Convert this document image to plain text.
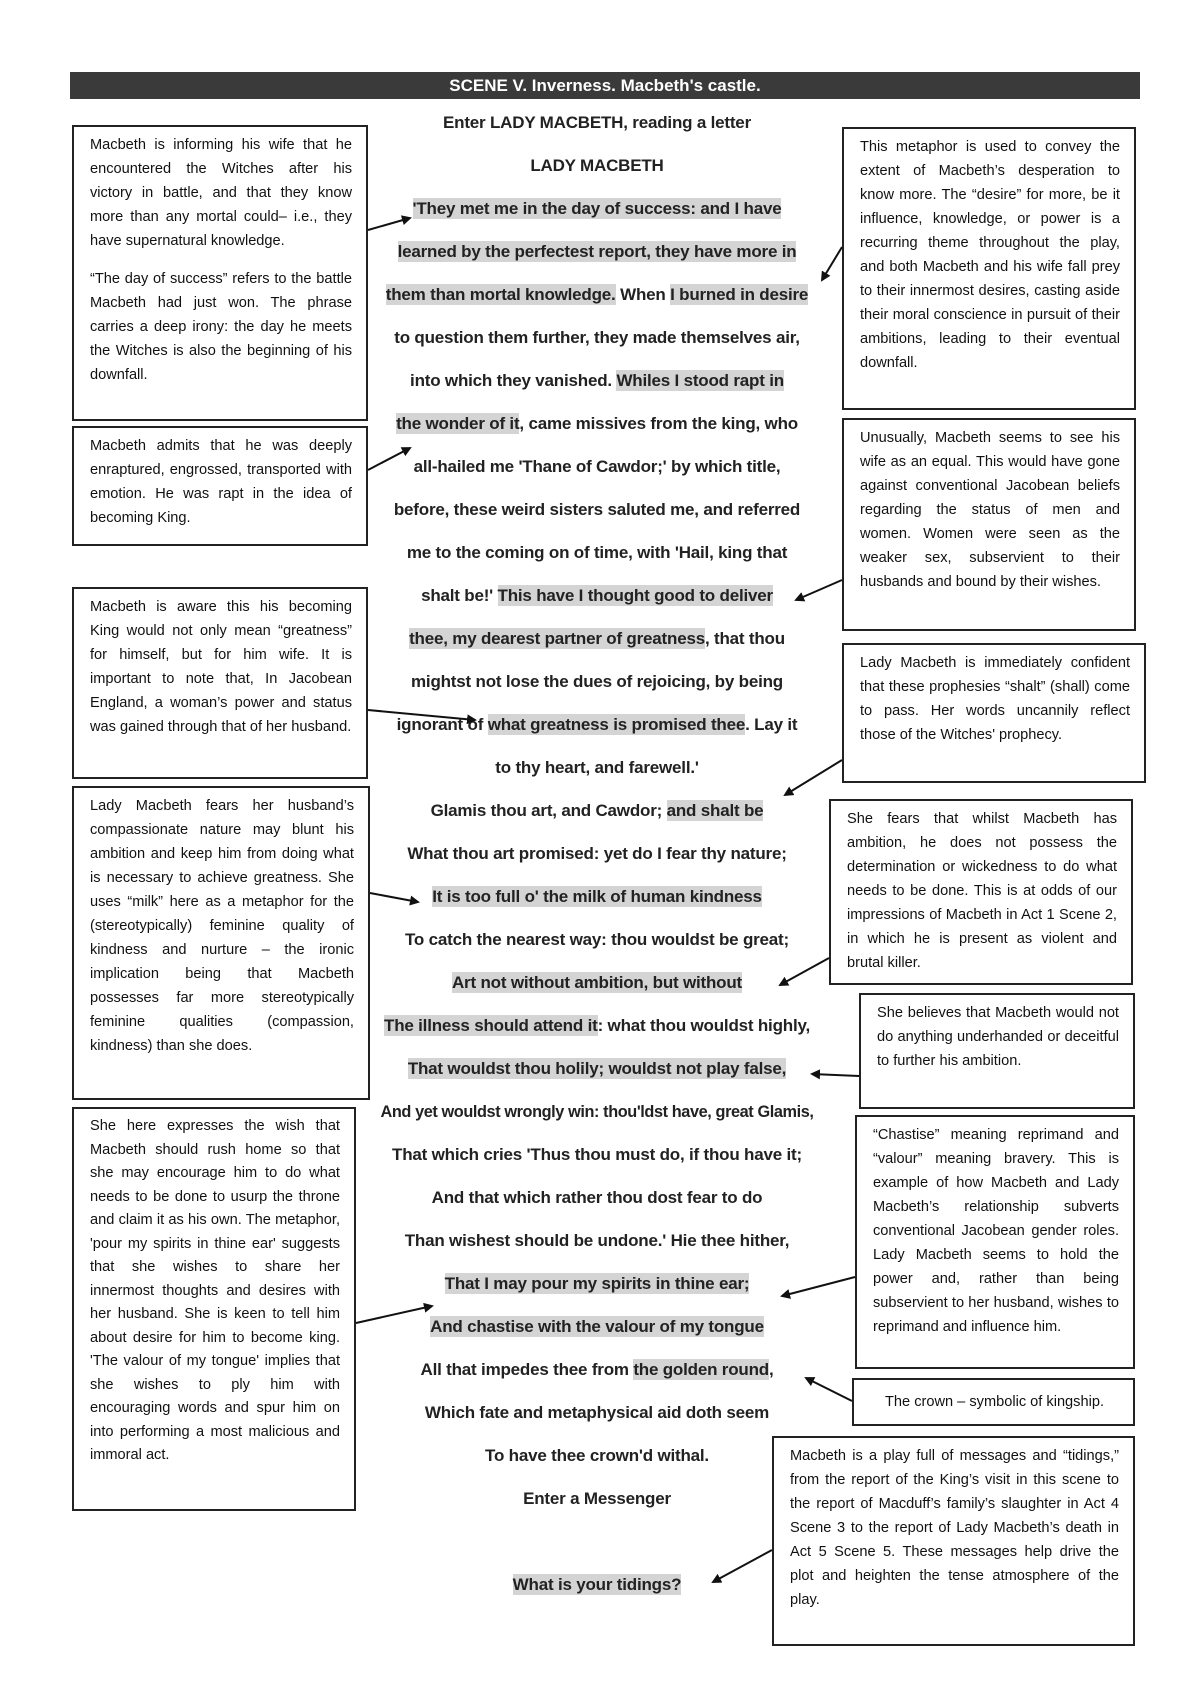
SCENE V. Inverness. Macbeth's castle.
Enter LADY MACBETH, reading a letter
LADY MACBETH
'They met me in the day of success: and I have
learned by the perfectest report, they have more in
them than mortal knowledge. When I burned in desire
to question them further, they made themselves air,
into which they vanished. Whiles I stood rapt in
the wonder of it, came missives from the king, who
all-hailed me 'Thane of Cawdor;' by which title,
before, these weird sisters saluted me, and referred
me to the coming on of time, with 'Hail, king that
shalt be!' This have I thought good to deliver
thee, my dearest partner of greatness, that thou
mightst not lose the dues of rejoicing, by being
ignorant of what greatness is promised thee. Lay it
to thy heart, and farewell.'
Glamis thou art, and Cawdor; and shalt be
What thou art promised: yet do I fear thy nature;
It is too full o' the milk of human kindness
To catch the nearest way: thou wouldst be great;
Art not without ambition, but without
The illness should attend it: what thou wouldst highly,
That wouldst thou holily; wouldst not play false,
And yet wouldst wrongly win: thou'ldst have, great Glamis,
That which cries 'Thus thou must do, if thou have it;
And that which rather thou dost fear to do
Than wishest should be undone.' Hie thee hither,
That I may pour my spirits in thine ear;
And chastise with the valour of my tongue
All that impedes thee from the golden round,
Which fate and metaphysical aid doth seem
To have thee crown'd withal.
Enter a Messenger
What is your tidings?

Macbeth is informing his wife that he encountered the Witches after his victory in battle, and that they know more than any mortal could– i.e., they have supernatural knowledge.

“The day of success” refers to the battle Macbeth had just won. The phrase carries a deep irony: the day he meets the Witches is also the beginning of his downfall.

Macbeth admits that he was deeply enraptured, engrossed, transported with emotion. He was rapt in the idea of becoming King.

Macbeth is aware this his becoming King would not only mean “greatness” for himself, but for him wife. It is important to note that, In Jacobean England, a woman’s power and status was gained through that of her husband.

Lady Macbeth fears her husband’s compassionate nature may blunt his ambition and keep him from doing what is necessary to achieve greatness. She uses “milk” here as a metaphor for the (stereotypically) feminine quality of kindness and nurture – the ironic implication being that Macbeth possesses far more stereotypically feminine qualities (compassion, kindness) than she does.

She here expresses the wish that Macbeth should rush home so that she may encourage him to do what needs to be done to usurp the throne and claim it as his own. The metaphor, 'pour my spirits in thine ear' suggests that she wishes to share her innermost thoughts and desires with her husband. She is keen to tell him about desire for him to become king. 'The valour of my tongue' implies that she wishes to ply him with encouraging words and spur him on into performing a most malicious and immoral act.

This metaphor is used to convey the extent of Macbeth’s desperation to know more. The “desire” for more, be it influence, knowledge, or power is a recurring theme throughout the play, and both Macbeth and his wife fall prey to their innermost desires, casting aside their moral conscience in pursuit of their ambitions, leading to their eventual downfall.

Unusually, Macbeth seems to see his wife as an equal. This would have gone against conventional Jacobean beliefs regarding the status of men and women. Women were seen as the weaker sex, subservient to their husbands and bound by their wishes.

Lady Macbeth is immediately confident that these prophesies “shalt” (shall) come to pass. Her words uncannily reflect those of the Witches' prophecy.

She fears that whilst Macbeth has ambition, he does not possess the determination or wickedness to do what needs to be done. This is at odds of our impressions of Macbeth in Act 1 Scene 2, in which he is present as violent and brutal killer.

She believes that Macbeth would not do anything underhanded or deceitful to further his ambition.

“Chastise” meaning reprimand and “valour” meaning bravery. This is example of how Macbeth and Lady Macbeth’s relationship subverts conventional Jacobean gender roles. Lady Macbeth seems to hold the power and, rather than being subservient to her husband, wishes to reprimand and influence him.

The crown – symbolic of kingship.

Macbeth is a play full of messages and “tidings,” from the report of the King’s visit in this scene to the report of Macduff’s family’s slaughter in Act 4 Scene 3 to the report of Lady Macbeth’s death in Act 5 Scene 5. These messages help drive the plot and heighten the tense atmosphere of the play.
